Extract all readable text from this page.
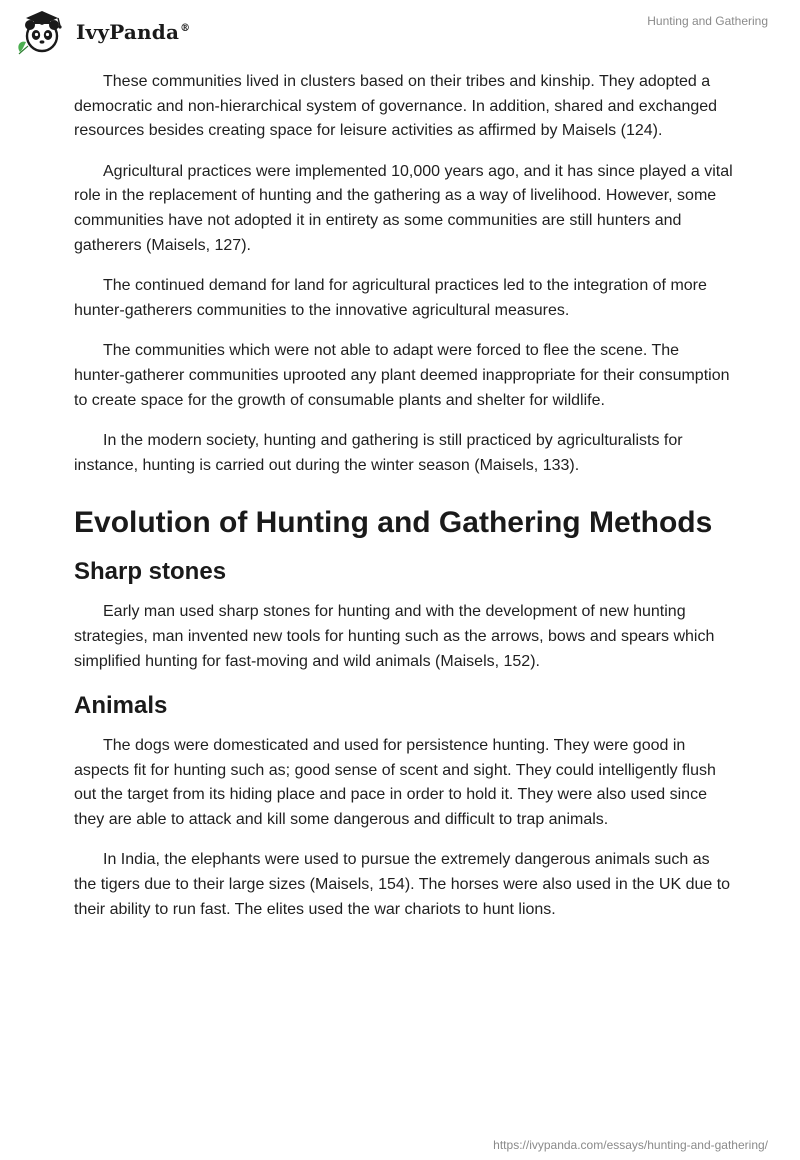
IvyPanda®
Hunting and Gathering

These communities lived in clusters based on their tribes and kinship. They adopted a democratic and non-hierarchical system of governance. In addition, shared and exchanged resources besides creating space for leisure activities as affirmed by Maisels (124).

Agricultural practices were implemented 10,000 years ago, and it has since played a vital role in the replacement of hunting and the gathering as a way of livelihood. However, some communities have not adopted it in entirety as some communities are still hunters and gatherers (Maisels, 127).

The continued demand for land for agricultural practices led to the integration of more hunter-gatherers communities to the innovative agricultural measures.

The communities which were not able to adapt were forced to flee the scene. The hunter-gatherer communities uprooted any plant deemed inappropriate for their consumption to create space for the growth of consumable plants and shelter for wildlife.

In the modern society, hunting and gathering is still practiced by agriculturalists for instance, hunting is carried out during the winter season (Maisels, 133).

Evolution of Hunting and Gathering Methods
Sharp stones

Early man used sharp stones for hunting and with the development of new hunting strategies, man invented new tools for hunting such as the arrows, bows and spears which simplified hunting for fast-moving and wild animals (Maisels, 152).

Animals

The dogs were domesticated and used for persistence hunting. They were good in aspects fit for hunting such as; good sense of scent and sight. They could intelligently flush out the target from its hiding place and pace in order to hold it. They were also used since they are able to attack and kill some dangerous and difficult to trap animals.

In India, the elephants were used to pursue the extremely dangerous animals such as the tigers due to their large sizes (Maisels, 154). The horses were also used in the UK due to their ability to run fast. The elites used the war chariots to hunt lions.

https://ivypanda.com/essays/hunting-and-gathering/
